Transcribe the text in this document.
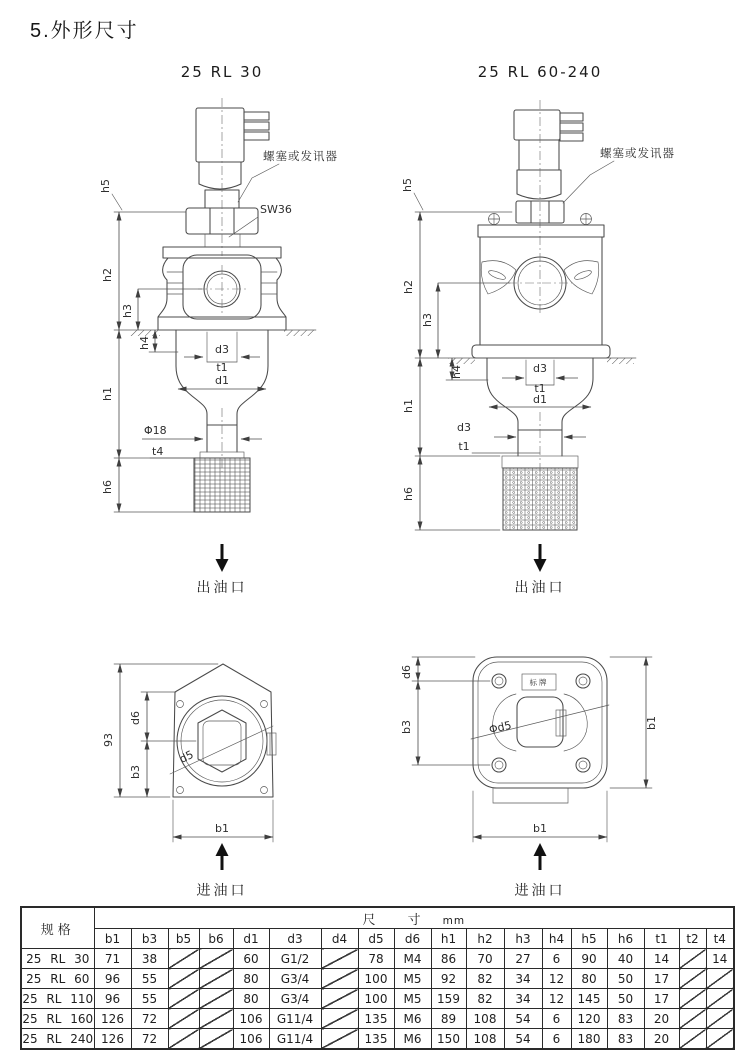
5.外形尺寸
25 RL 30
螺塞或发讯器
SW36
h5
h2
h1
h6
h3
h4	d3
t1
d1
Φ18
t4
出油口
25 RL 60-240
螺塞或发讯器
h5
h2
h1
h6
h3
h4	d3
t1
d1
d3
t1
出油口
d5
93
d6
b3
b1
进油口
标牌
Φd5
d6
b3	b1
b1
进油口
规格	尺 寸 mm																	
	b1	b3	b5	b6	d1	d3	d4	d5	d6	h1	h2	h3	h4	h5	h6	t1	t2	t4
25 RL 30	71	38			60	G1/2		78	M4	86	70	27	6	90	40	14		14
25 RL 60	96	55			80	G3/4		100	M5	92	82	34	12	80	50	17		
25 RL 110	96	55			80	G3/4		100	M5	159	82	34	12	145	50	17		
25 RL 160	126	72			106	G11/4		135	M6	89	108	54	6	120	83	20		
25 RL 240	126	72			106	G11/4		135	M6	150	108	54	6	180	83	20		
